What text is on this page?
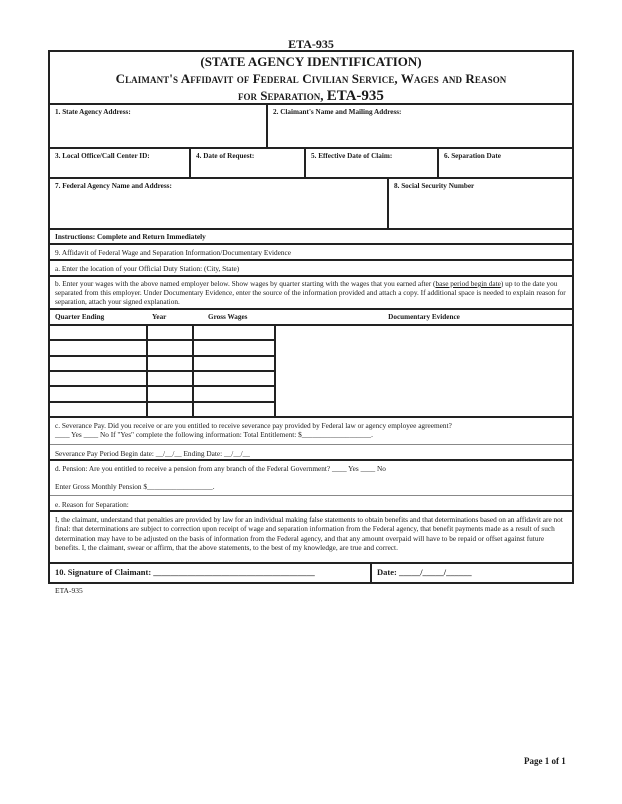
ETA-935
(STATE AGENCY IDENTIFICATION)
Claimant's Affidavit of Federal Civilian Service, Wages and Reason
for Separation, ETA-935
1. State Agency Address:	2. Claimant's Name and Mailing Address:
3. Local Office/Call Center ID:	4. Date of Request:	5. Effective Date of Claim:	6. Separation Date
7. Federal Agency Name and Address:	8. Social Security Number
Instructions: Complete and Return Immediately
9. Affidavit of Federal Wage and Separation Information/Documentary Evidence
a. Enter the location of your Official Duty Station: (City, State)
b. Enter your wages with the above named employer below. Show wages by quarter starting with the wages that you earned after (base period begin date) up to the date you separated from this employer. Under Documentary Evidence, enter the source of the information provided and attach a copy. If additional space is needed to explain reason for separation, attach your signed explanation.
Quarter Ending	Year	Gross Wages	Documentary Evidence
c. Severance Pay. Did you receive or are you entitled to receive severance pay provided by Federal law or agency employee agreement?
____ Yes ____ No If "Yes" complete the following information: Total Entitlement: $___________________.
Severance Pay Period Begin date: __/__/__ Ending Date: __/__/__
d. Pension: Are you entitled to receive a pension from any branch of the Federal Government? ____ Yes ____ No
Enter Gross Monthly Pension $__________________.
e. Reason for Separation:
I, the claimant, understand that penalties are provided by law for an individual making false statements to obtain benefits and that determinations based on an affidavit are not final: that determinations are subject to correction upon receipt of wage and separation information from the Federal agency, that benefit payments made as a result of such determination may have to be adjusted on the basis of information from the Federal agency, and that any amount overpaid will have to be repaid or offset against future benefits. I, the claimant, swear or affirm, that the above statements, to the best of my knowledge, are true and correct.
10. Signature of Claimant: ______________________________________	Date: _____/_____/______
ETA-935
Page 1 of 1
